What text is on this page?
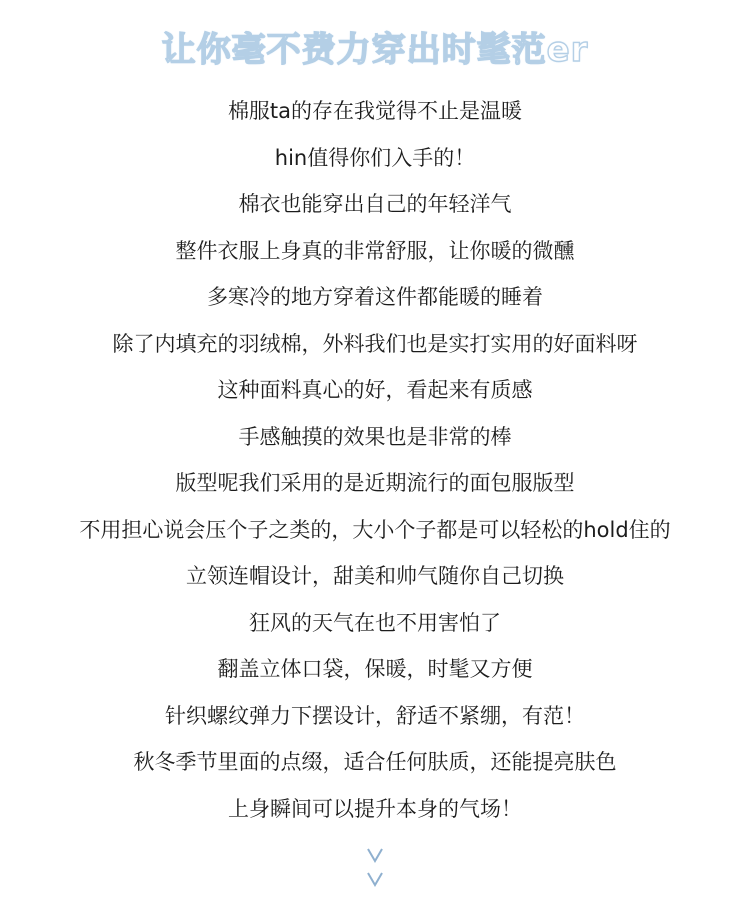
让你毫不费力穿出时髦范er
棉服ta的存在我觉得不止是温暖
hin值得你们入手的！
棉衣也能穿出自己的年轻洋气
整件衣服上身真的非常舒服，让你暖的微醺
多寒冷的地方穿着这件都能暖的睡着
除了内填充的羽绒棉，外料我们也是实打实用的好面料呀
这种面料真心的好，看起来有质感
手感触摸的效果也是非常的棒
版型呢我们采用的是近期流行的面包服版型
不用担心说会压个子之类的，大小个子都是可以轻松的hold住的
立领连帽设计，甜美和帅气随你自己切换
狂风的天气在也不用害怕了
翻盖立体口袋，保暖，时髦又方便
针织螺纹弹力下摆设计，舒适不紧绷，有范！
秋冬季节里面的点缀，适合任何肤质，还能提亮肤色
上身瞬间可以提升本身的气场！
